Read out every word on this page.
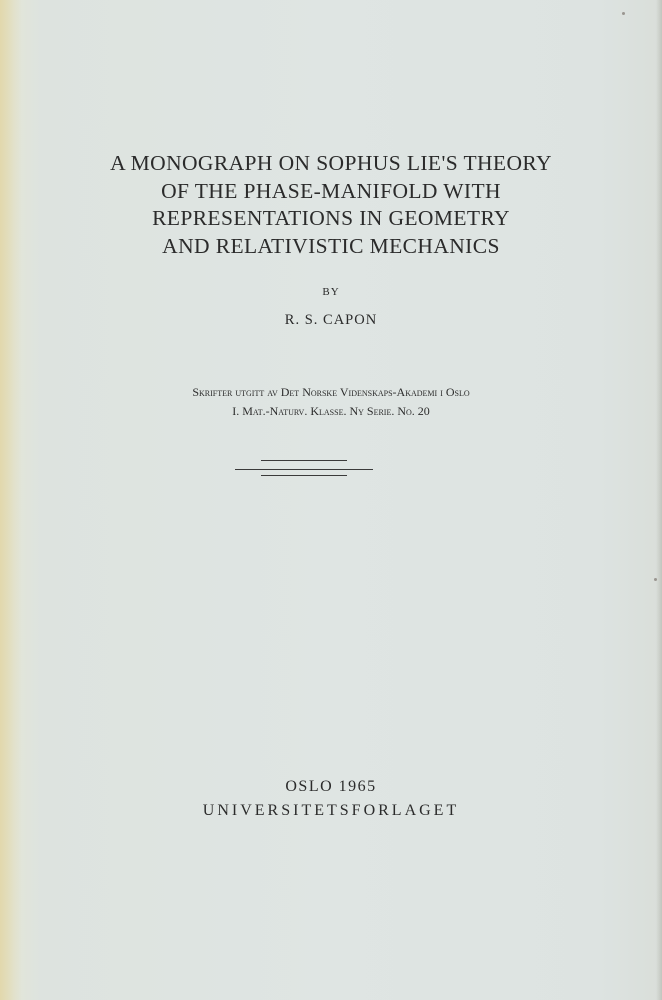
A MONOGRAPH ON SOPHUS LIE'S THEORY
OF THE PHASE-MANIFOLD WITH
REPRESENTATIONS IN GEOMETRY
AND RELATIVISTIC MECHANICS
BY
R. S. CAPON
Skrifter utgitt av Det Norske Videnskaps-Akademi i Oslo
I. Mat.-Naturv. Klasse. Ny Serie. No. 20
OSLO 1965
UNIVERSITETSFORLAGET
